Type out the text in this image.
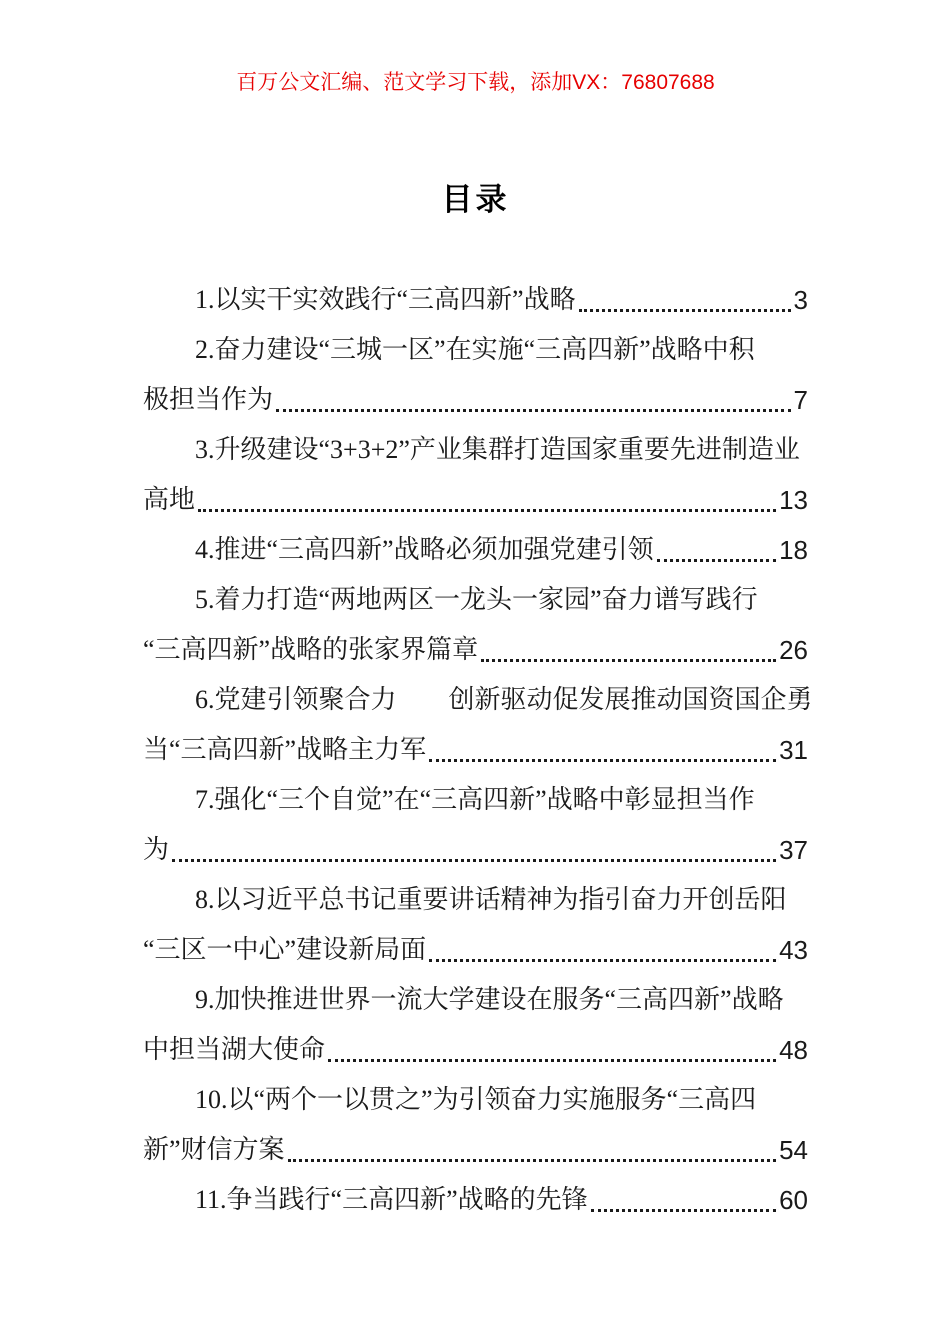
百万公文汇编、范文学习下载，添加VX：76807688
目录
1.以实干实效践行“三高四新”战略	3
2.奋力建设“三城一区”在实施“三高四新”战略中积
极担当作为	7
3.升级建设“3+3+2”产业集群打造国家重要先进制造业
高地	13
4.推进“三高四新”战略必须加强党建引领	18
5.着力打造“两地两区一龙头一家园”奋力谱写践行
“三高四新”战略的张家界篇章	26
6.党建引领聚合力　　创新驱动促发展推动国资国企勇
当“三高四新”战略主力军	31
7.强化“三个自觉”在“三高四新”战略中彰显担当作
为	37
8.以习近平总书记重要讲话精神为指引奋力开创岳阳
“三区一中心”建设新局面	43
9.加快推进世界一流大学建设在服务“三高四新”战略
中担当湖大使命	48
10.以“两个一以贯之”为引领奋力实施服务“三高四
新”财信方案	54
11.争当践行“三高四新”战略的先锋	60
